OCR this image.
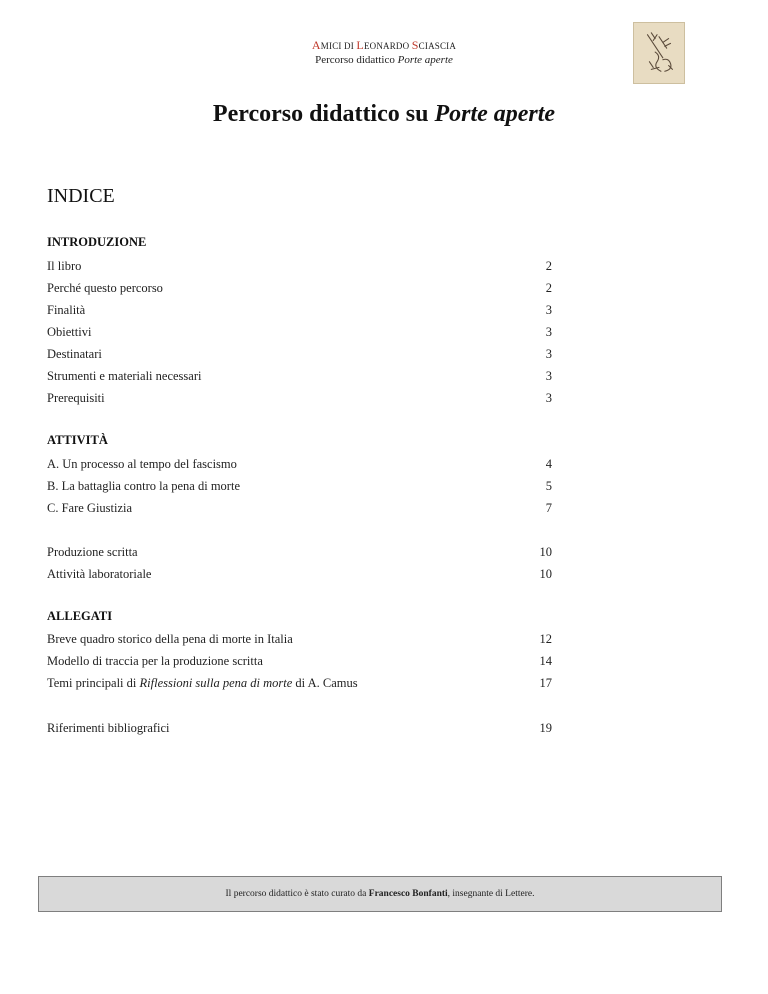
AMICI DI LEONARDO SCIASCIA
Percorso didattico Porte aperte
Percorso didattico su Porte aperte
INDICE
INTRODUZIONE
Il libro	2
Perché questo percorso	2
Finalità	3
Obiettivi	3
Destinatari	3
Strumenti e materiali necessari	3
Prerequisiti	3
ATTIVITÀ
A. Un processo al tempo del fascismo	4
B. La battaglia contro la pena di morte	5
C. Fare Giustizia	7
Produzione scritta	10
Attività laboratoriale	10
ALLEGATI
Breve quadro storico della pena di morte in Italia	12
Modello di traccia per la produzione scritta	14
Temi principali di Riflessioni sulla pena di morte di A. Camus	17
Riferimenti bibliografici	19
Il percorso didattico è stato curato da Francesco Bonfanti, insegnante di Lettere.
